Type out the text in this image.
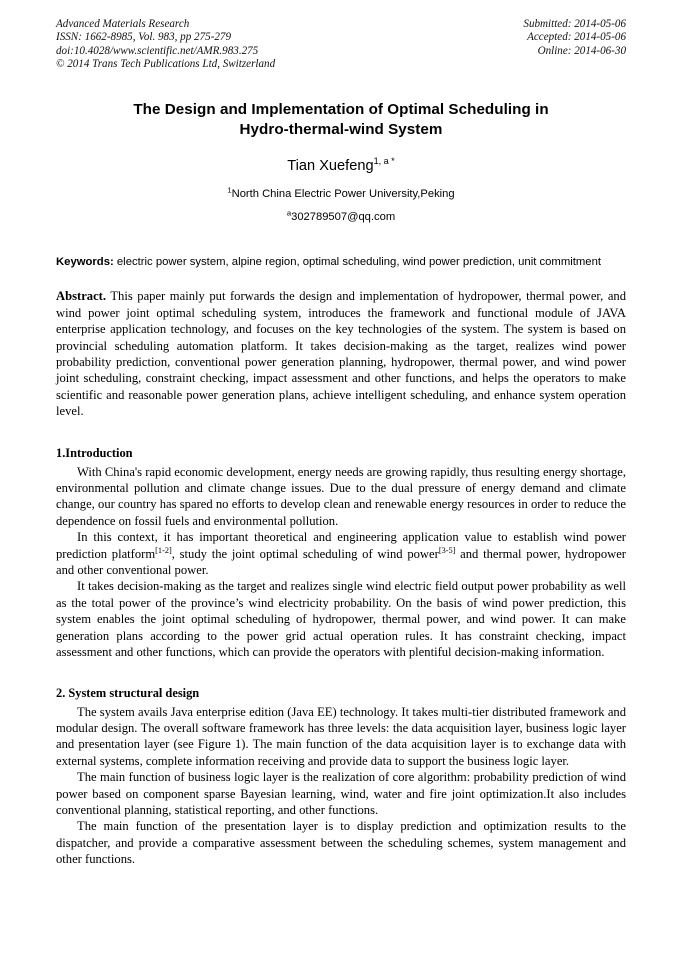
Advanced Materials Research
ISSN: 1662-8985, Vol. 983, pp 275-279
doi:10.4028/www.scientific.net/AMR.983.275
© 2014 Trans Tech Publications Ltd, Switzerland
Submitted: 2014-05-06
Accepted: 2014-05-06
Online: 2014-06-30
The Design and Implementation of Optimal Scheduling in
Hydro-thermal-wind System
Tian Xuefeng$^{1, a *}$
$^1$North China Electric Power University,Peking
$^a$302789507@qq.com
Keywords: electric power system, alpine region, optimal scheduling, wind power prediction, unit commitment
Abstract. This paper mainly put forwards the design and implementation of hydropower, thermal power, and wind power joint optimal scheduling system, introduces the framework and functional module of JAVA enterprise application technology, and focuses on the key technologies of the system. The system is based on provincial scheduling automation platform. It takes decision-making as the target, realizes wind power probability prediction, conventional power generation planning, hydropower, thermal power, and wind power joint scheduling, constraint checking, impact assessment and other functions, and helps the operators to make scientific and reasonable power generation plans, achieve intelligent scheduling, and enhance system operation level.
1.Introduction

With China's rapid economic development, energy needs are growing rapidly, thus resulting energy shortage, environmental pollution and climate change issues. Due to the dual pressure of energy demand and climate change, our country has spared no efforts to develop clean and renewable energy resources in order to reduce the dependence on fossil fuels and environmental pollution.

In this context, it has important theoretical and engineering application value to establish wind power prediction platform[1-2], study the joint optimal scheduling of wind power[3-5] and thermal power, hydropower and other conventional power.

It takes decision-making as the target and realizes single wind electric field output power probability as well as the total power of the province’s wind electricity probability. On the basis of wind power prediction, this system enables the joint optimal scheduling of hydropower, thermal power, and wind power. It can make generation plans according to the power grid actual operation rules. It has constraint checking, impact assessment and other functions, which can provide the operators with plentiful decision-making information.

2. System structural design

The system avails Java enterprise edition (Java EE) technology. It takes multi-tier distributed framework and modular design. The overall software framework has three levels: the data acquisition layer, business logic layer and presentation layer (see Figure 1). The main function of the data acquisition layer is to exchange data with external systems, complete information receiving and provide data to support the business logic layer.

The main function of business logic layer is the realization of core algorithm: probability prediction of wind power based on component sparse Bayesian learning, wind, water and fire joint optimization.It also includes conventional planning, statistical reporting, and other functions.

The main function of the presentation layer is to display prediction and optimization results to the dispatcher, and provide a comparative assessment between the scheduling schemes, system management and other functions.
